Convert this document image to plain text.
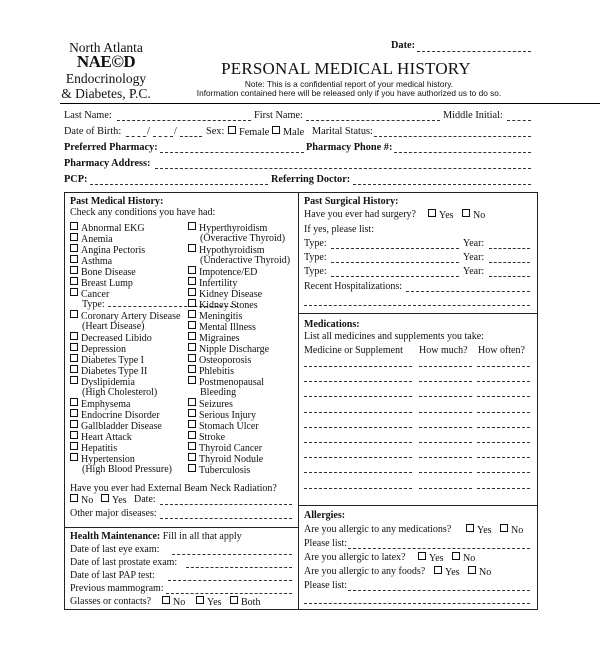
North Atlanta
NAE©D
Endocrinology
& Diabetes, P.C.
Date:
PERSONAL MEDICAL HISTORY
Note: This is a confidential report of your medical history.
Information contained here will be released only if you have authorized us to do so.
Last Name:	First Name:	Middle Initial:
Date of Birth:	/ /	Sex:	Female	Male Marital Status:
Preferred Pharmacy:	Pharmacy Phone #:
Pharmacy Address:
PCP:	Referring Doctor:
Past Medical History:
Check any conditions you have had:
Abnormal EKG
Anemia
Angina Pectoris
Asthma
Bone Disease
Breast Lump
Cancer
Type:
Coronary Artery Disease
(Heart Disease)
Decreased Libido
Depression
Diabetes Type I
Diabetes Type II
Dyslipidemia
(High Cholesterol)
Emphysema
Endocrine Disorder
Gallbladder Disease
Heart Attack
Hepatitis
Hypertension
(High Blood Pressure)
Hyperthyroidism
(Overactive Thyroid)
Hypothyroidism
(Underactive Thyroid)
Impotence/ED
Infertility
Kidney Disease
Kidney Stones
Meningitis
Mental Illness
Migraines
Nipple Discharge
Osteoporosis
Phlebitis
Postmenopausal
Bleeding
Seizures
Serious Injury
Stomach Ulcer
Stroke
Thyroid Cancer
Thyroid Nodule
Tuberculosis
Have you ever had External Beam Neck Radiation?
No	Yes Date:
Other major diseases:
Health Maintenance: Fill in all that apply
Date of last eye exam:
Date of last prostate exam:
Date of last PAP test:
Previous mammogram:
Glasses or contacts?	No	Yes	Both
Past Surgical History:
Have you ever had surgery?	Yes	No
If yes, please list:
Type:	Year:
Type:	Year:
Type:	Year:
Recent Hospitalizations:
Medications:
List all medicines and supplements you take:
Medicine or Supplement How much? How often?
Allergies:
Are you allergic to any medications?	Yes	No
Please list:
Are you allergic to latex?	Yes	No
Are you allergic to any foods?	Yes	No
Please list:
